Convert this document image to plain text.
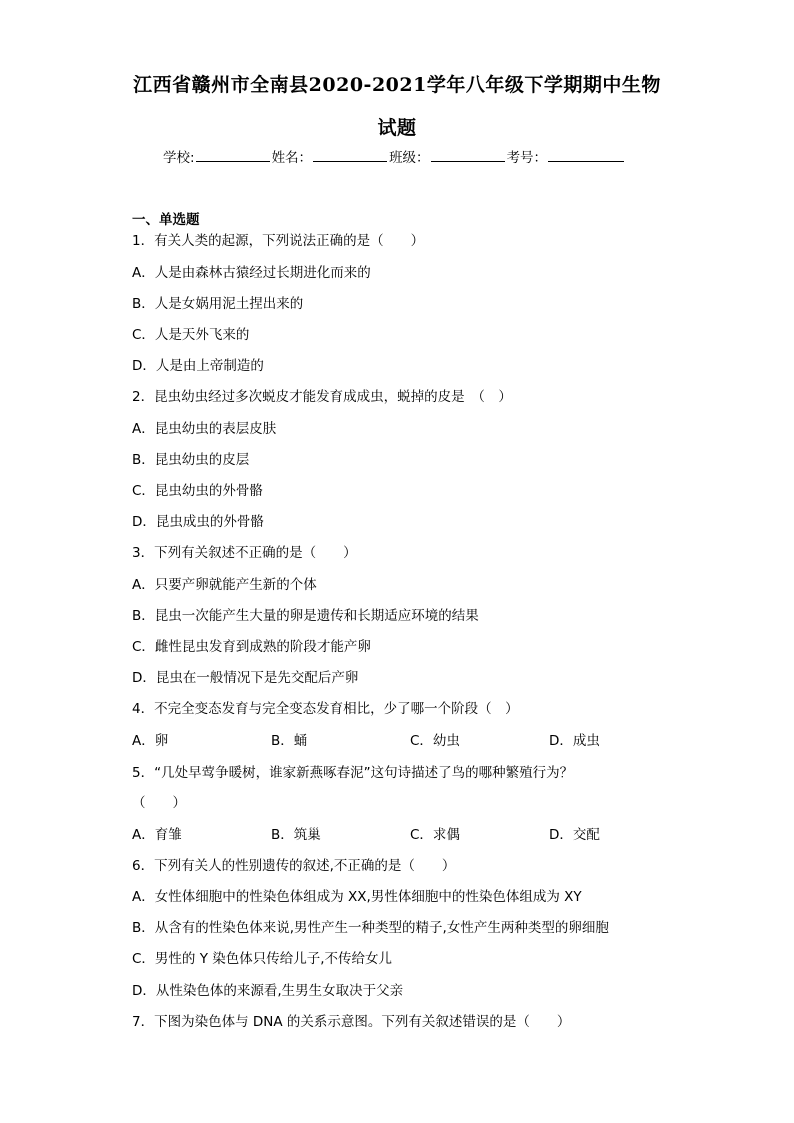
江西省赣州市全南县2020-2021学年八年级下学期期中生物
试题
学校:	姓名：	班级：	考号：
一、单选题
1．有关人类的起源，下列说法正确的是（　　）
A．人是由森林古猿经过长期进化而来的
B．人是女娲用泥土捏出来的
C．人是天外飞来的
D．人是由上帝制造的
2．昆虫幼虫经过多次蜕皮才能发育成成虫，蜕掉的皮是　（　）
A．昆虫幼虫的表层皮肤
B．昆虫幼虫的皮层
C．昆虫幼虫的外骨骼
D．昆虫成虫的外骨骼
3．下列有关叙述不正确的是（　　）
A．只要产卵就能产生新的个体
B．昆虫一次能产生大量的卵是遗传和长期适应环境的结果
C．雌性昆虫发育到成熟的阶段才能产卵
D．昆虫在一般情况下是先交配后产卵
4．不完全变态发育与完全变态发育相比，少了哪一个阶段（　）
A．卵	B．蛹	C．幼虫	D．成虫
5．“几处早莺争暖树，谁家新燕啄春泥”这句诗描述了鸟的哪种繁殖行为？
（　　）
A．育雏	B．筑巢	C．求偶	D．交配
6．下列有关人的性别遗传的叙述,不正确的是（　　）
A．女性体细胞中的性染色体组成为 XX,男性体细胞中的性染色体组成为 XY
B．从含有的性染色体来说,男性产生一种类型的精子,女性产生两种类型的卵细胞
C．男性的 Y 染色体只传给儿子,不传给女儿
D．从性染色体的来源看,生男生女取决于父亲
7．下图为染色体与 DNA 的关系示意图。下列有关叙述错误的是（　　）
